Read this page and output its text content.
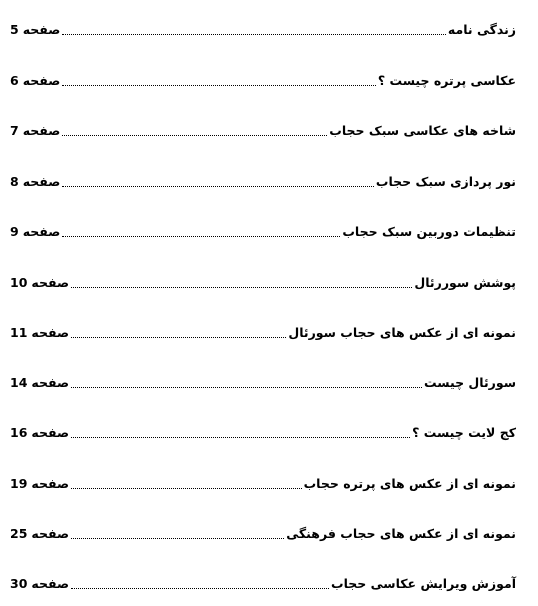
5 صفحه	زندگی نامه
6 صفحه	عکاسی پرتره چیست ؟
7 صفحه	شاخه های عکاسی سبک حجاب
8 صفحه	نور پردازی سبک حجاب
9 صفحه	تنظیمات دوربین سبک حجاب
10 صفحه	پوشش سوررئال
11 صفحه	نمونه ای از عکس های حجاب سورئال
14 صفحه	سورئال چیست
16 صفحه	کج لایت چیست ؟
19 صفحه	نمونه ای از عکس های پرتره حجاب
25 صفحه	نمونه ای از عکس های حجاب فرهنگی
30 صفحه	آموزش ویرایش عکاسی حجاب
